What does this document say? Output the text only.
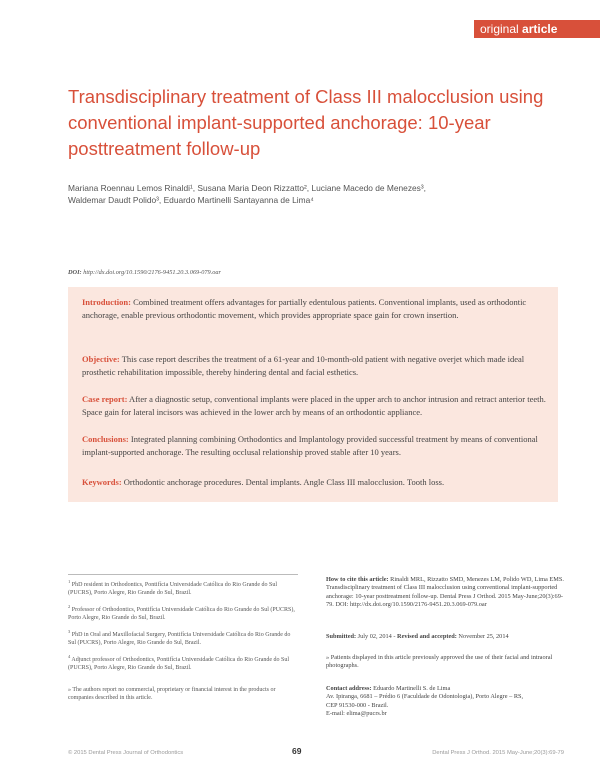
original article
Transdisciplinary treatment of Class III malocclusion using conventional implant-supported anchorage: 10-year posttreatment follow-up
Mariana Roennau Lemos Rinaldi¹, Susana Maria Deon Rizzatto², Luciane Macedo de Menezes³,
Waldemar Daudt Polido³, Eduardo Martinelli Santayanna de Lima⁴
DOI: http://dx.doi.org/10.1590/2176-9451.20.3.069-079.oar
Introduction: Combined treatment offers advantages for partially edentulous patients. Conventional implants, used as orthodontic anchorage, enable previous orthodontic movement, which provides appropriate space gain for crown insertion.
Objective: This case report describes the treatment of a 61-year and 10-month-old patient with negative overjet which made ideal prosthetic rehabilitation impossible, thereby hindering dental and facial esthetics.
Case report: After a diagnostic setup, conventional implants were placed in the upper arch to anchor intrusion and retract anterior teeth. Space gain for lateral incisors was achieved in the lower arch by means of an orthodontic appliance.
Conclusions: Integrated planning combining Orthodontics and Implantology provided successful treatment by means of conventional implant-supported anchorage. The resulting occlusal relationship proved stable after 10 years.
Keywords: Orthodontic anchorage procedures. Dental implants. Angle Class III malocclusion. Tooth loss.
$^1$ PhD resident in Orthodontics, Pontifícia Universidade Católica do Rio Grande do Sul (PUCRS), Porto Alegre, Rio Grande do Sul, Brazil.
$^2$ Professor of Orthodontics, Pontifícia Universidade Católica do Rio Grande do Sul (PUCRS), Porto Alegre, Rio Grande do Sul, Brazil.
$^3$ PhD in Oral and Maxillofacial Surgery, Pontifícia Universidade Católica do Rio Grande do Sul (PUCRS), Porto Alegre, Rio Grande do Sul, Brazil.
$^4$ Adjunct professor of Orthodontics, Pontifícia Universidade Católica do Rio Grande do Sul (PUCRS), Porto Alegre, Rio Grande do Sul, Brazil.
» The authors report no commercial, proprietary or financial interest in the products or companies described in this article.
How to cite this article: Rinaldi MRL, Rizzatto SMD, Menezes LM, Polido WD, Lima EMS. Transdisciplinary treatment of Class III malocclusion using conventional implant-supported anchorage: 10-year posttreatment follow-up. Dental Press J Orthod. 2015 May-June;20(3):69-79. DOI: http://dx.doi.org/10.1590/2176-9451.20.3.069-079.oar
Submitted: July 02, 2014 - Revised and accepted: November 25, 2014
» Patients displayed in this article previously approved the use of their facial and intraoral photographs.
Contact address: Eduardo Martinelli S. de Lima
Av. Ipiranga, 6681 – Prédio 6 (Faculdade de Odontologia), Porto Alegre – RS,
CEP 91530-000 - Brazil.
E-mail: elima@pucrs.br
© 2015 Dental Press Journal of Orthodontics	69	Dental Press J Orthod. 2015 May-June;20(3):69-79
